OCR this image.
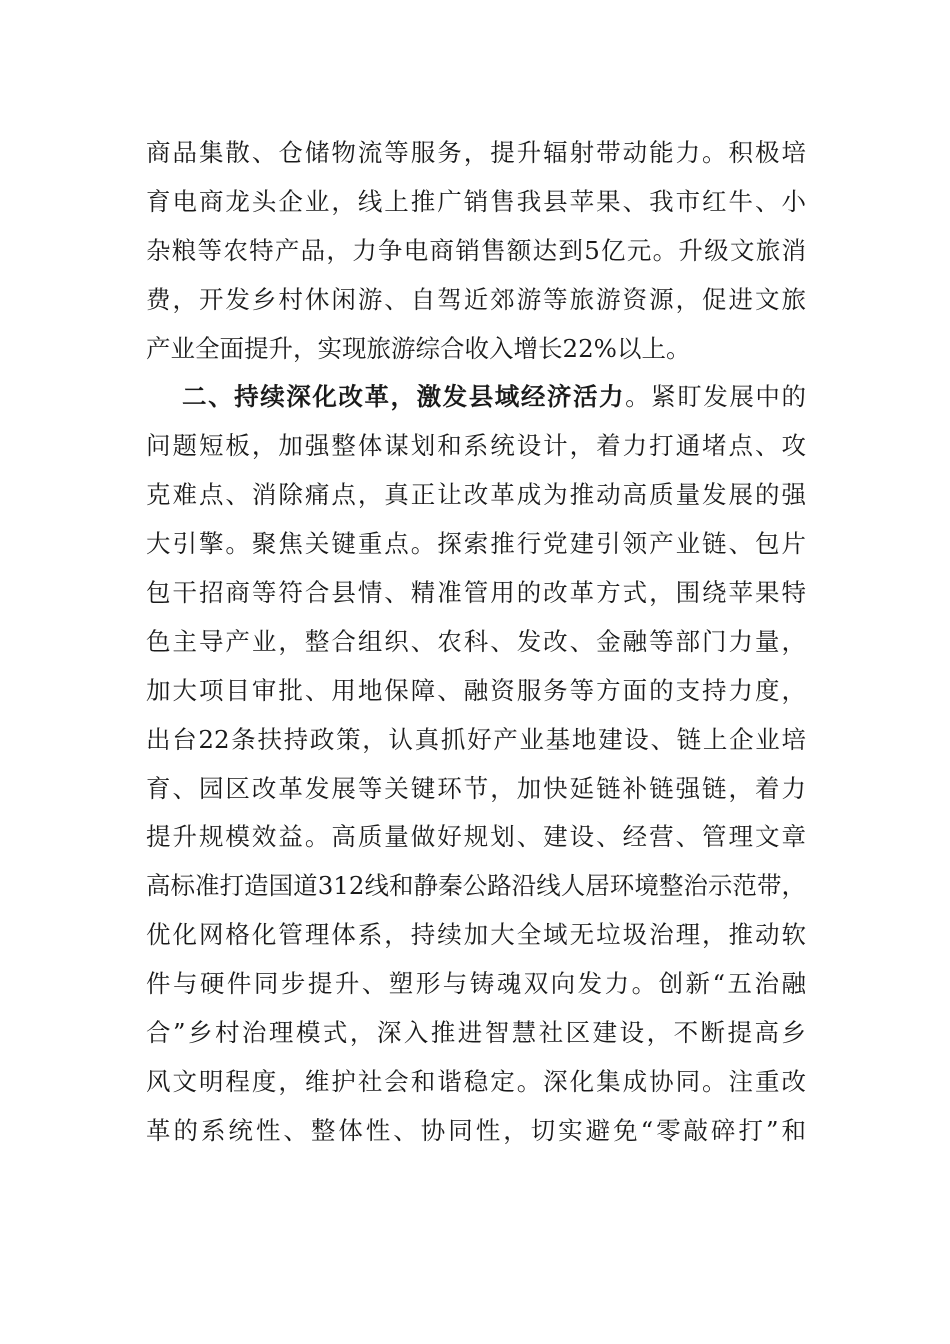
商品集散、仓储物流等服务，提升辐射带动能力。积极培
育电商龙头企业，线上推广销售我县苹果、我市红牛、小
杂粮等农特产品，力争电商销售额达到5亿元。升级文旅消
费，开发乡村休闲游、自驾近郊游等旅游资源，促进文旅
产业全面提升，实现旅游综合收入增长22%以上。
二、持续深化改革，激发县域经济活力。紧盯发展中的
问题短板，加强整体谋划和系统设计，着力打通堵点、攻
克难点、消除痛点，真正让改革成为推动高质量发展的强
大引擎。聚焦关键重点。探索推行党建引领产业链、包片
包干招商等符合县情、精准管用的改革方式，围绕苹果特
色主导产业，整合组织、农科、发改、金融等部门力量，
加大项目审批、用地保障、融资服务等方面的支持力度，
出台22条扶持政策，认真抓好产业基地建设、链上企业培
育、园区改革发展等关键环节，加快延链补链强链，着力
提升规模效益。高质量做好规划、建设、经营、管理文章
高标准打造国道312线和静秦公路沿线人居环境整治示范带，
优化网格化管理体系，持续加大全域无垃圾治理，推动软
件与硬件同步提升、塑形与铸魂双向发力。创新“五治融
合”乡村治理模式，深入推进智慧社区建设，不断提高乡
风文明程度，维护社会和谐稳定。深化集成协同。注重改
革的系统性、整体性、协同性，切实避免“零敲碎打”和
